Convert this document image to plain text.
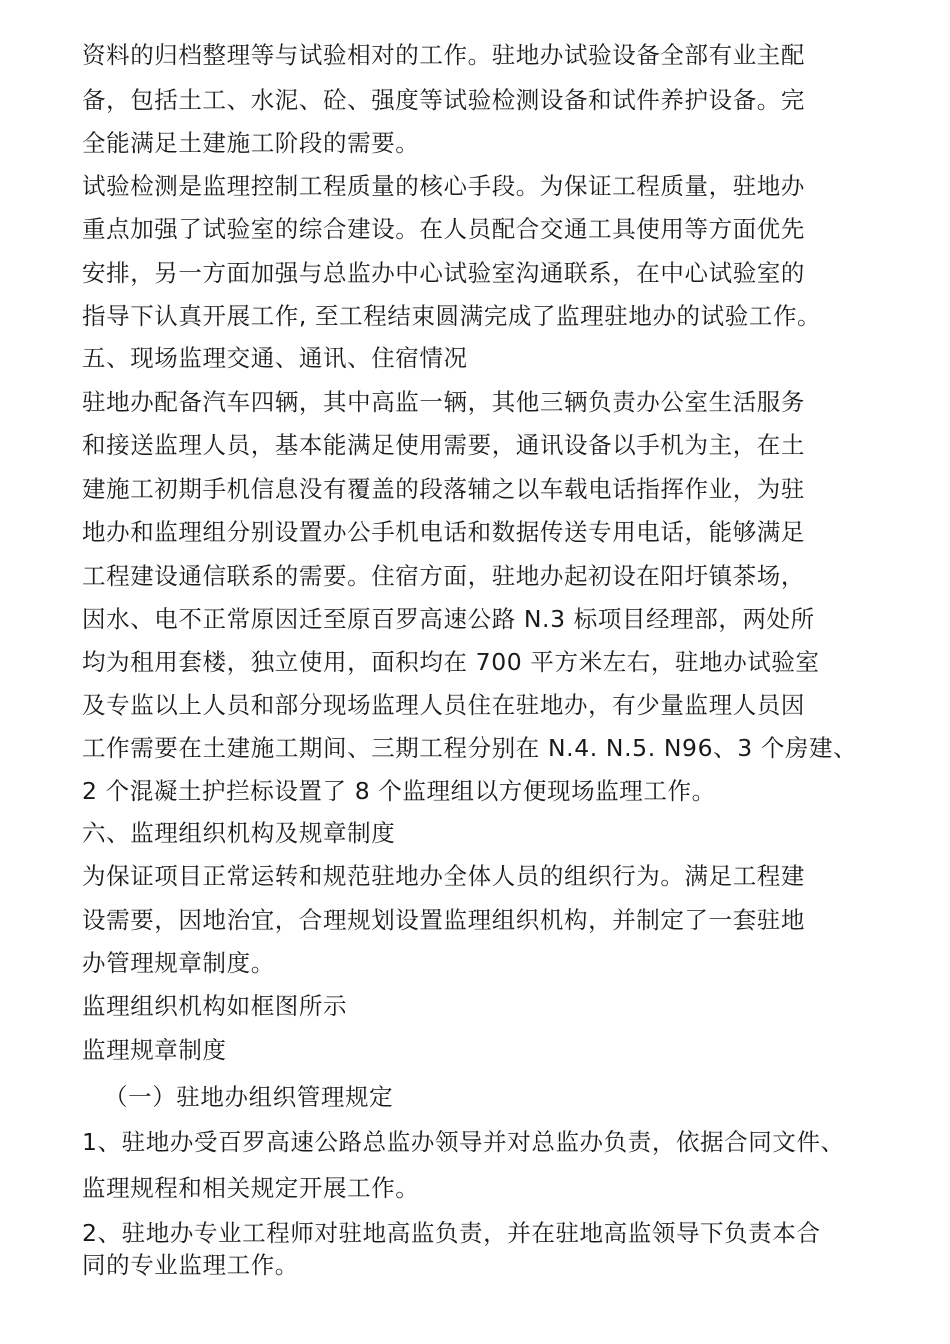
资料的归档整理等与试验相对的工作。驻地办试验设备全部有业主配
备，包括土工、水泥、砼、强度等试验检测设备和试件养护设备。完
全能满足土建施工阶段的需要。
试验检测是监理控制工程质量的核心手段。为保证工程质量，驻地办
重点加强了试验室的综合建设。在人员配合交通工具使用等方面优先
安排，另一方面加强与总监办中心试验室沟通联系，在中心试验室的
指导下认真开展工作, 至工程结束圆满完成了监理驻地办的试验工作。
五、现场监理交通、通讯、住宿情况
驻地办配备汽车四辆，其中高监一辆，其他三辆负责办公室生活服务
和接送监理人员，基本能满足使用需要，通讯设备以手机为主，在土
建施工初期手机信息没有覆盖的段落辅之以车载电话指挥作业，为驻
地办和监理组分别设置办公手机电话和数据传送专用电话，能够满足
工程建设通信联系的需要。住宿方面，驻地办起初设在阳圩镇茶场，
因水、电不正常原因迁至原百罗高速公路 N.3 标项目经理部，两处所
均为租用套楼，独立使用，面积均在 700 平方米左右，驻地办试验室
及专监以上人员和部分现场监理人员住在驻地办，有少量监理人员因
工作需要在土建施工期间、三期工程分别在 N.4. N.5. N96、3 个房建、
2 个混凝土护拦标设置了 8 个监理组以方便现场监理工作。
六、监理组织机构及规章制度
为保证项目正常运转和规范驻地办全体人员的组织行为。满足工程建
设需要，因地治宜，合理规划设置监理组织机构，并制定了一套驻地
办管理规章制度。
监理组织机构如框图所示
监理规章制度
（一）驻地办组织管理规定
1、驻地办受百罗高速公路总监办领导并对总监办负责，依据合同文件、
监理规程和相关规定开展工作。
2、驻地办专业工程师对驻地高监负责，并在驻地高监领导下负责本合
同的专业监理工作。
